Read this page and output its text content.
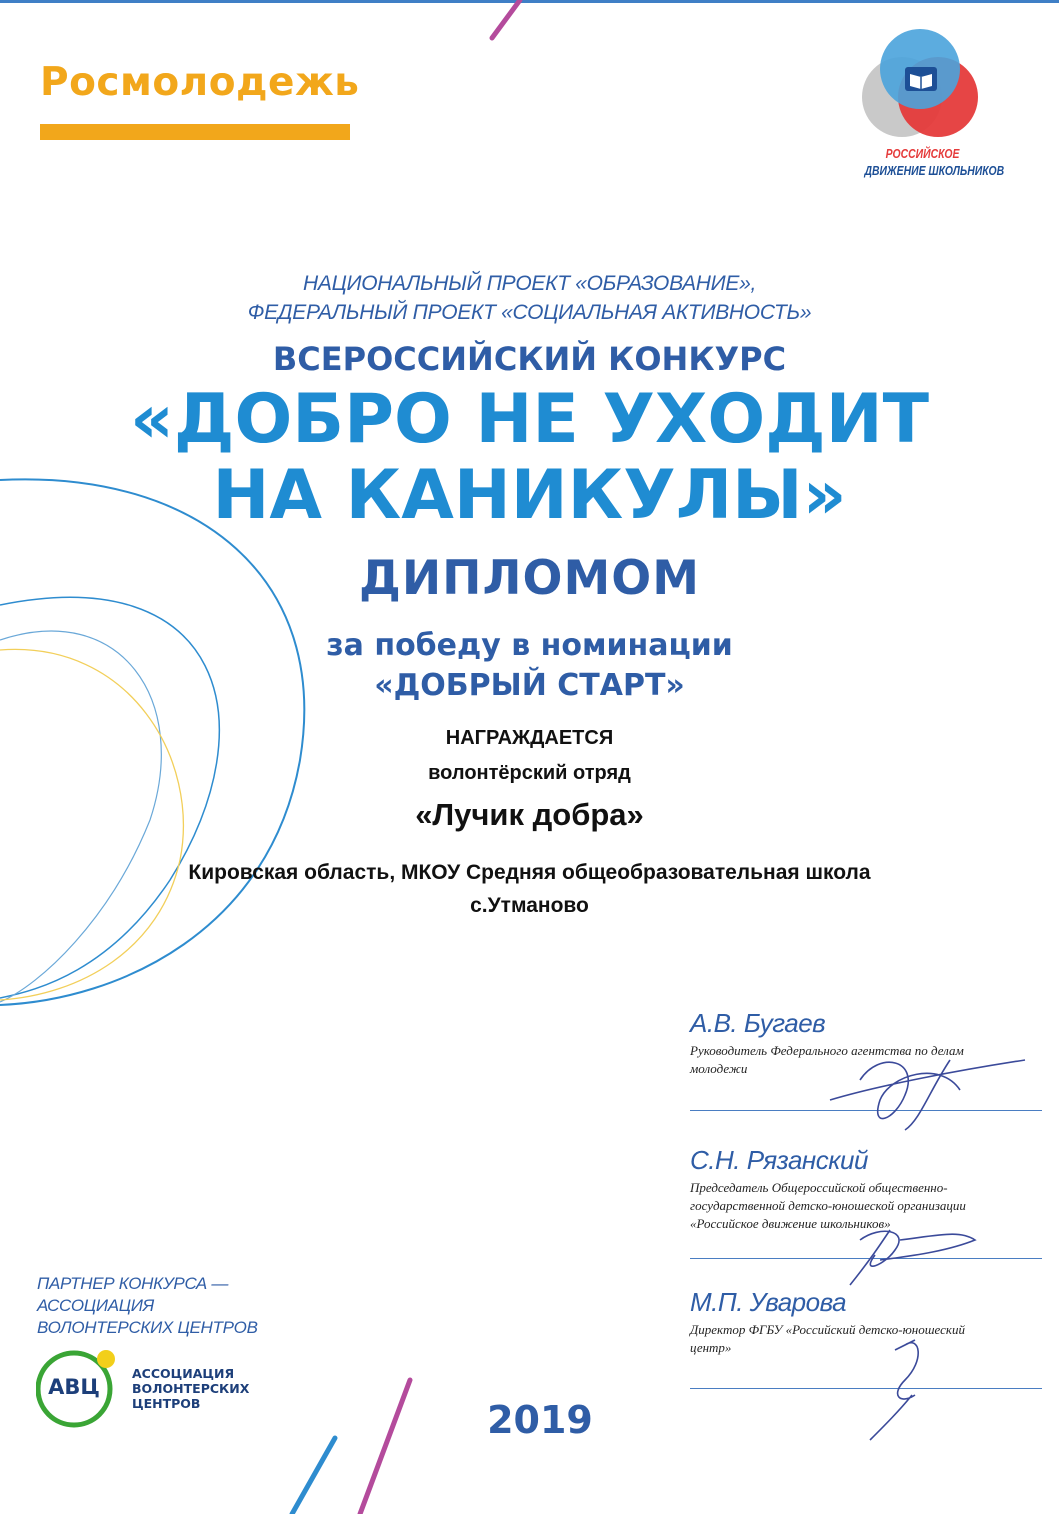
Росмолодежь
РОССИЙСКОЕ
ДВИЖЕНИЕ ШКОЛЬНИКОВ
НАЦИОНАЛЬНЫЙ ПРОЕКТ «ОБРАЗОВАНИЕ»,
ФЕДЕРАЛЬНЫЙ ПРОЕКТ «СОЦИАЛЬНАЯ АКТИВНОСТЬ»
ВСЕРОССИЙСКИЙ КОНКУРС
«ДОБРО НЕ УХОДИТ
НА КАНИКУЛЫ»
ДИПЛОМОМ
за победу в номинации
«ДОБРЫЙ СТАРТ»
НАГРАЖДАЕТСЯ
волонтёрский отряд
«Лучик добра»
Кировская область, МКОУ Средняя общеобразовательная школа
с.Утманово
А.В. Бугаев
Руководитель Федерального агентства по делам
молодежи
С.Н. Рязанский
Председатель Общероссийской общественно-
государственной детско-юношеской организации
«Российское движение школьников»
М.П. Уварова
Директор ФГБУ «Российский детско-юношеский
центр»
ПАРТНЕР КОНКУРСА —
АССОЦИАЦИЯ
ВОЛОНТЕРСКИХ ЦЕНТРОВ
АВЦ
АССОЦИАЦИЯ
ВОЛОНТЕРСКИХ
ЦЕНТРОВ	2019
